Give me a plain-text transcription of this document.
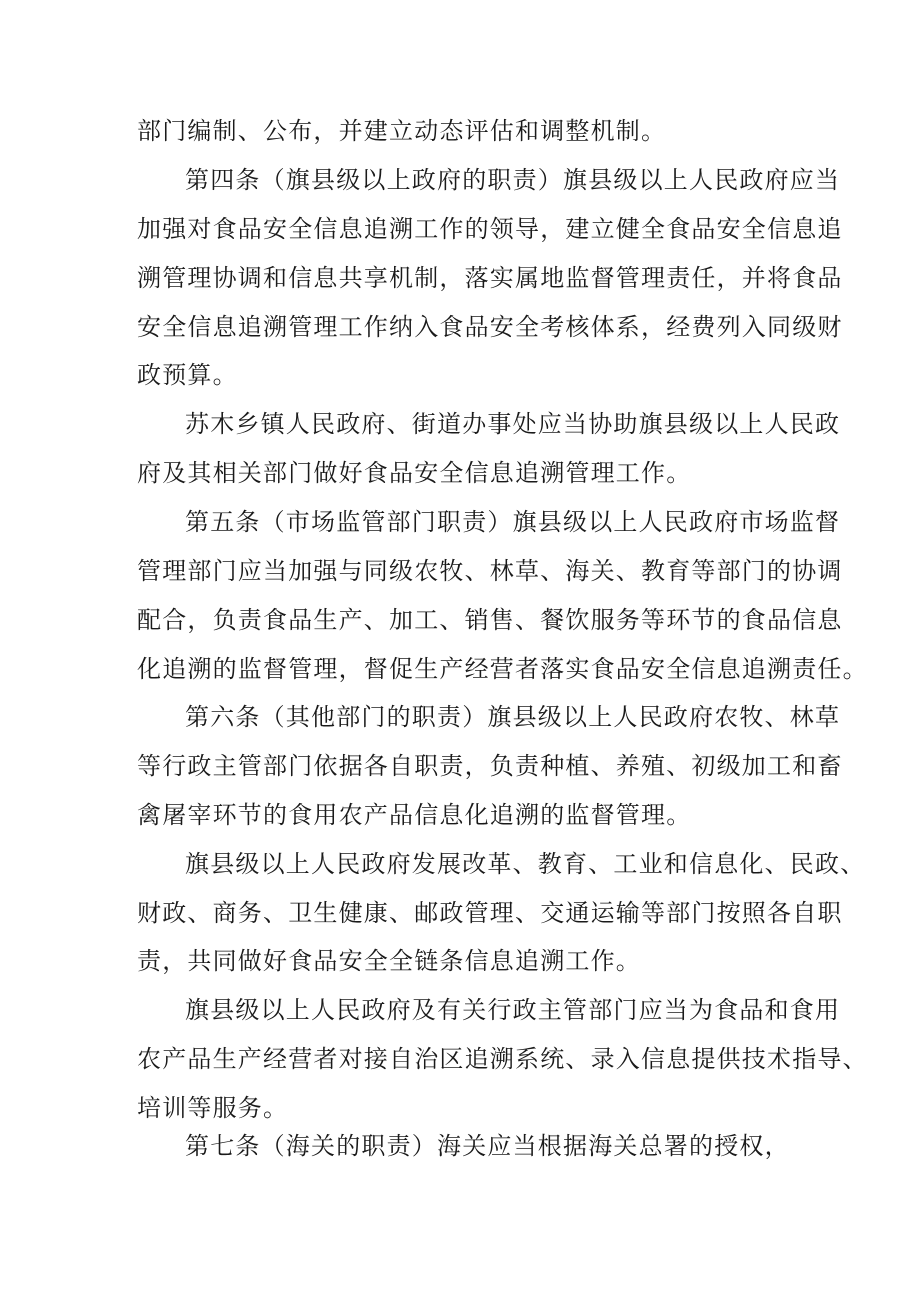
部门编制、公布，并建立动态评估和调整机制。
第四条（旗县级以上政府的职责）旗县级以上人民政府应当
加强对食品安全信息追溯工作的领导，建立健全食品安全信息追
溯管理协调和信息共享机制，落实属地监督管理责任，并将食品
安全信息追溯管理工作纳入食品安全考核体系，经费列入同级财
政预算。
苏木乡镇人民政府、街道办事处应当协助旗县级以上人民政
府及其相关部门做好食品安全信息追溯管理工作。
第五条（市场监管部门职责）旗县级以上人民政府市场监督
管理部门应当加强与同级农牧、林草、海关、教育等部门的协调
配合，负责食品生产、加工、销售、餐饮服务等环节的食品信息
化追溯的监督管理，督促生产经营者落实食品安全信息追溯责任。
第六条（其他部门的职责）旗县级以上人民政府农牧、林草
等行政主管部门依据各自职责，负责种植、养殖、初级加工和畜
禽屠宰环节的食用农产品信息化追溯的监督管理。
旗县级以上人民政府发展改革、教育、工业和信息化、民政、
财政、商务、卫生健康、邮政管理、交通运输等部门按照各自职
责，共同做好食品安全全链条信息追溯工作。
旗县级以上人民政府及有关行政主管部门应当为食品和食用
农产品生产经营者对接自治区追溯系统、录入信息提供技术指导、
培训等服务。
第七条（海关的职责）海关应当根据海关总署的授权，
